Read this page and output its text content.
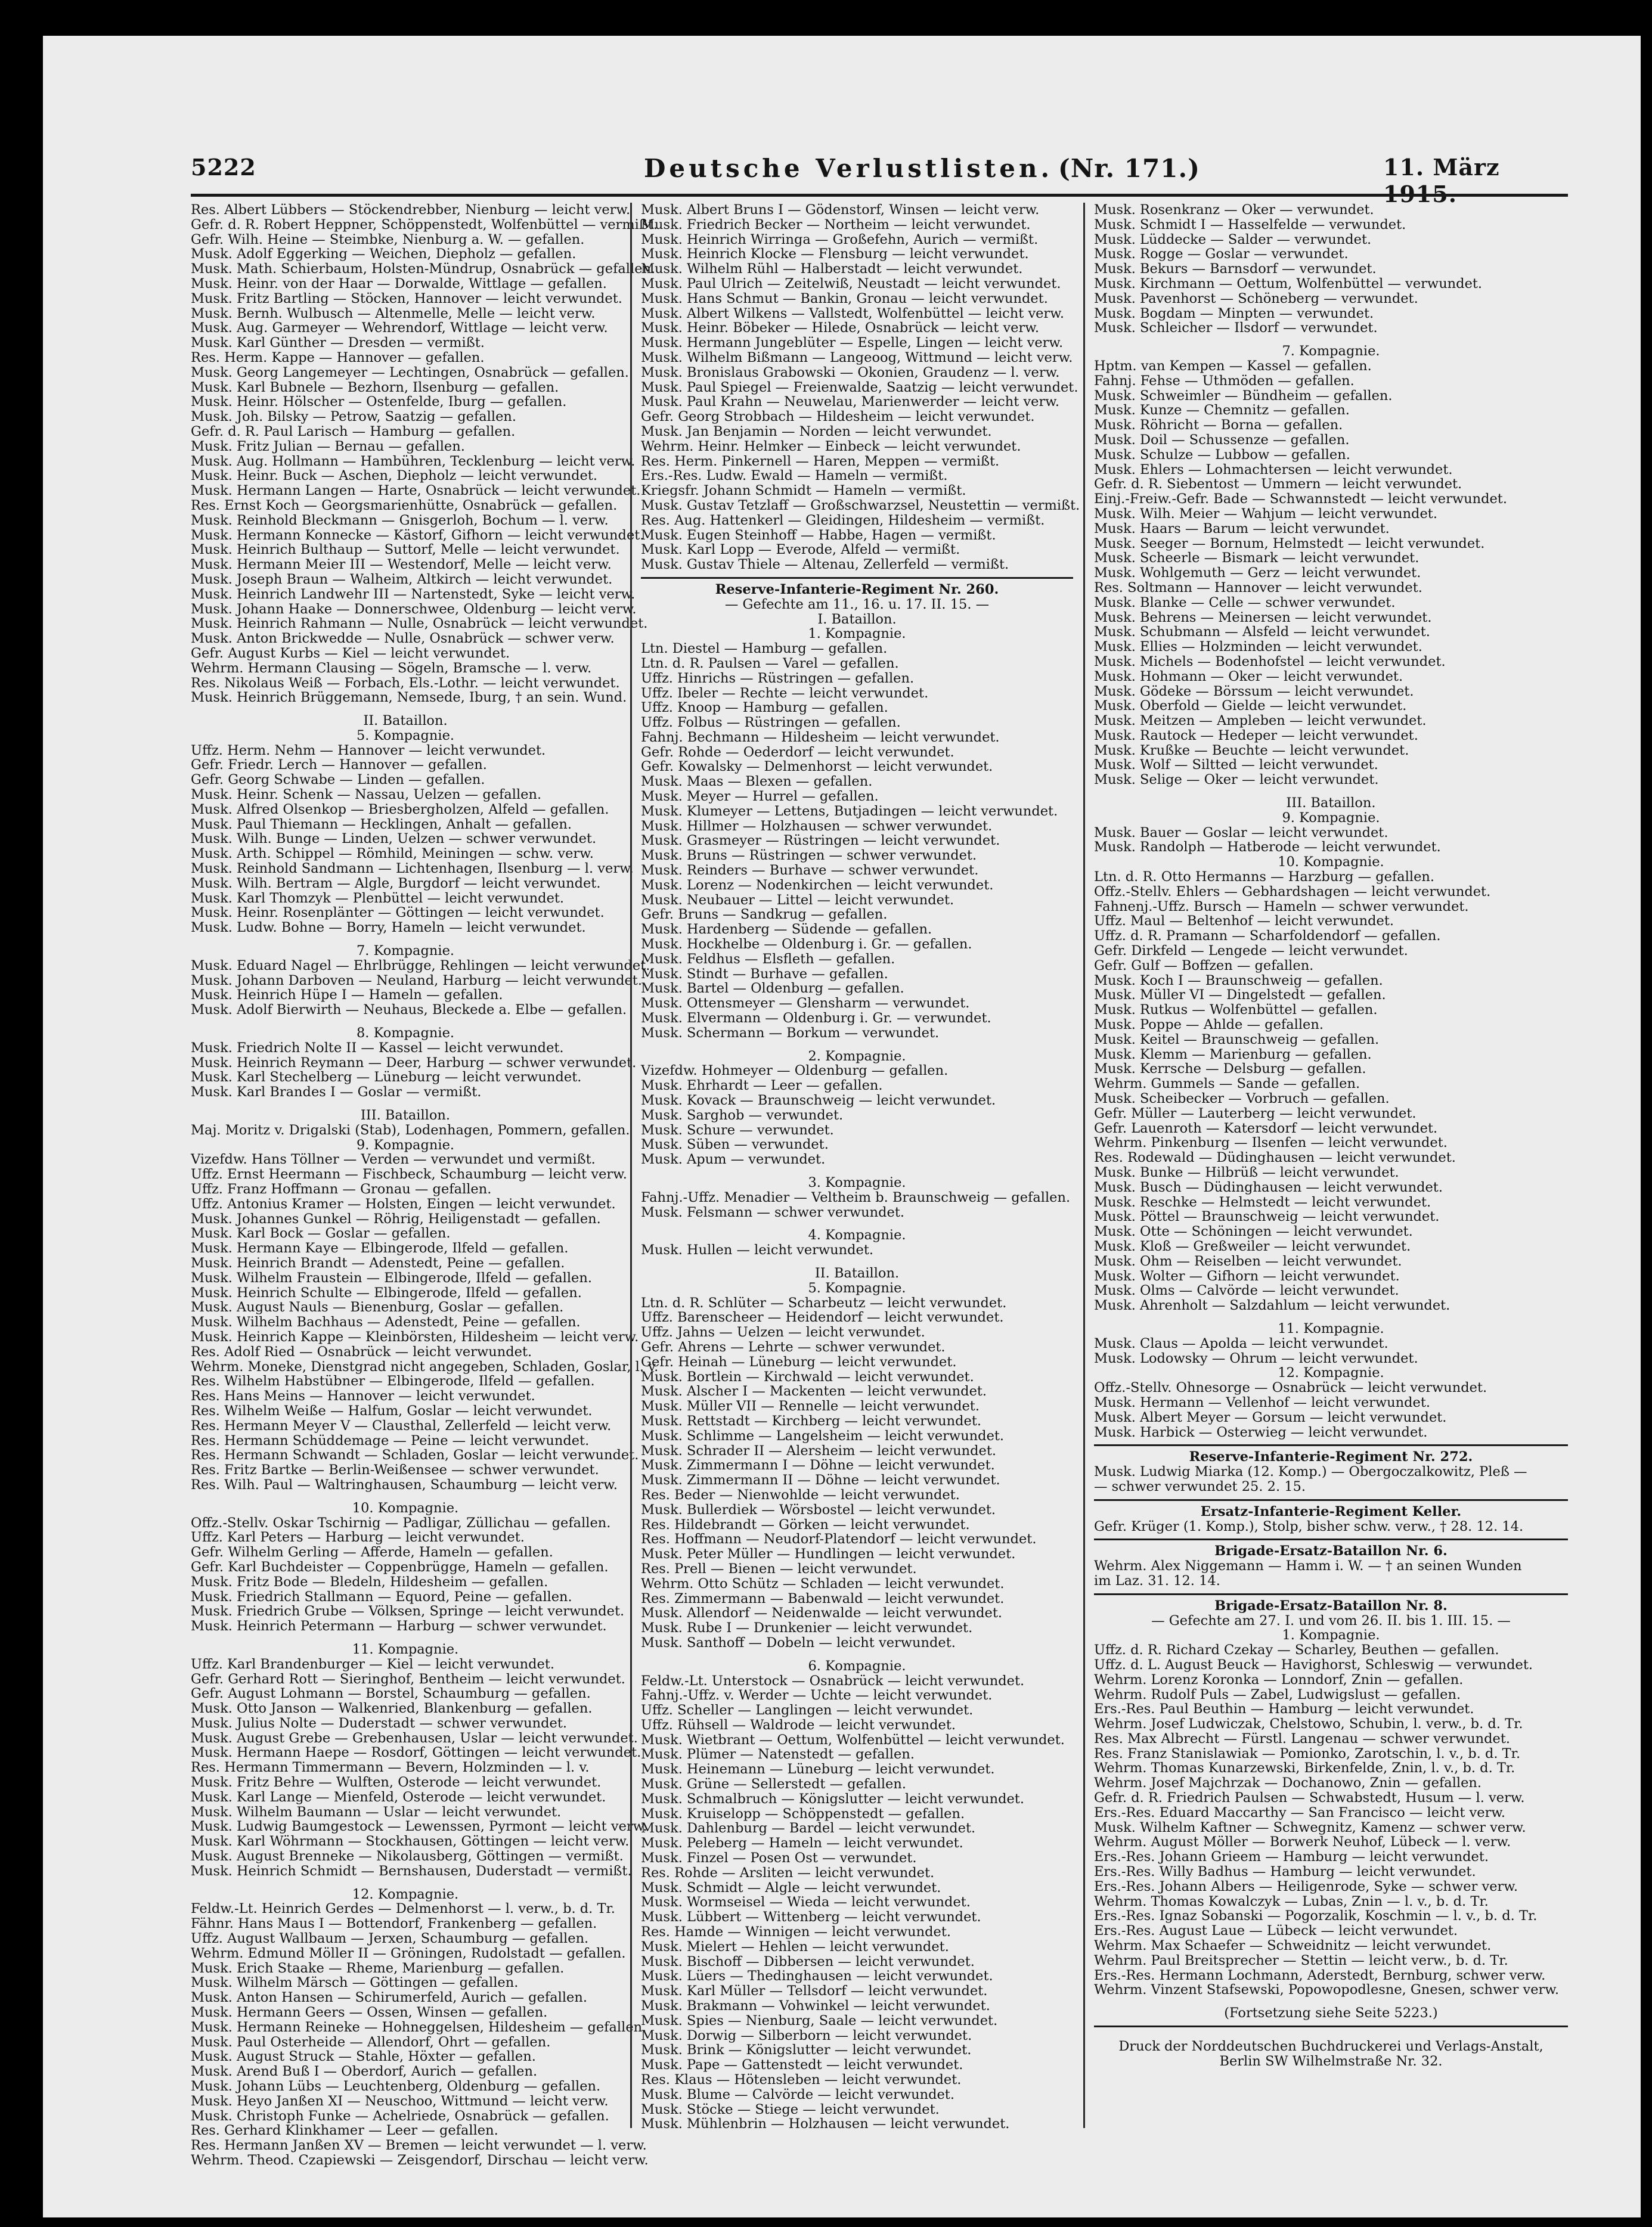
5222	Deutsche Verlustlisten. (Nr. 171.)	11. März 1915.
Res. Albert Lübbers — Stöckendrebber, Nienburg — leicht verw.
Gefr. d. R. Robert Heppner, Schöppenstedt, Wolfenbüttel — vermißt.
Gefr. Wilh. Heine — Steimbke, Nienburg a. W. — gefallen.
Musk. Adolf Eggerking — Weichen, Diepholz — gefallen.
Musk. Math. Schierbaum, Holsten-Mündrup, Osnabrück — gefallen.
Musk. Heinr. von der Haar — Dorwalde, Wittlage — gefallen.
Musk. Fritz Bartling — Stöcken, Hannover — leicht verwundet.
Musk. Bernh. Wulbusch — Altenmelle, Melle — leicht verw.
Musk. Aug. Garmeyer — Wehrendorf, Wittlage — leicht verw.
Musk. Karl Günther — Dresden — vermißt.
Res. Herm. Kappe — Hannover — gefallen.
Musk. Georg Langemeyer — Lechtingen, Osnabrück — gefallen.
Musk. Karl Bubnele — Bezhorn, Ilsenburg — gefallen.
Musk. Heinr. Hölscher — Ostenfelde, Iburg — gefallen.
Musk. Joh. Bilsky — Petrow, Saatzig — gefallen.
Gefr. d. R. Paul Larisch — Hamburg — gefallen.
Musk. Fritz Julian — Bernau — gefallen.
Musk. Aug. Hollmann — Hambühren, Tecklenburg — leicht verw.
Musk. Heinr. Buck — Aschen, Diepholz — leicht verwundet.
Musk. Hermann Langen — Harte, Osnabrück — leicht verwundet.
Res. Ernst Koch — Georgsmarienhütte, Osnabrück — gefallen.
Musk. Reinhold Bleckmann — Gnisgerloh, Bochum — l. verw.
Musk. Hermann Konnecke — Kästorf, Gifhorn — leicht verwundet.
Musk. Heinrich Bulthaup — Suttorf, Melle — leicht verwundet.
Musk. Hermann Meier III — Westendorf, Melle — leicht verw.
Musk. Joseph Braun — Walheim, Altkirch — leicht verwundet.
Musk. Heinrich Landwehr III — Nartenstedt, Syke — leicht verw.
Musk. Johann Haake — Donnerschwee, Oldenburg — leicht verw.
Musk. Heinrich Rahmann — Nulle, Osnabrück — leicht verwundet.
Musk. Anton Brickwedde — Nulle, Osnabrück — schwer verw.
Gefr. August Kurbs — Kiel — leicht verwundet.
Wehrm. Hermann Clausing — Sögeln, Bramsche — l. verw.
Res. Nikolaus Weiß — Forbach, Els.-Lothr. — leicht verwundet.
Musk. Heinrich Brüggemann, Nemsede, Iburg, † an sein. Wund.
II. Bataillon.
5. Kompagnie.
Uffz. Herm. Nehm — Hannover — leicht verwundet.
Gefr. Friedr. Lerch — Hannover — gefallen.
Gefr. Georg Schwabe — Linden — gefallen.
Musk. Heinr. Schenk — Nassau, Uelzen — gefallen.
Musk. Alfred Olsenkop — Briesbergholzen, Alfeld — gefallen.
Musk. Paul Thiemann — Hecklingen, Anhalt — gefallen.
Musk. Wilh. Bunge — Linden, Uelzen — schwer verwundet.
Musk. Arth. Schippel — Römhild, Meiningen — schw. verw.
Musk. Reinhold Sandmann — Lichtenhagen, Ilsenburg — l. verw.
Musk. Wilh. Bertram — Algle, Burgdorf — leicht verwundet.
Musk. Karl Thomzyk — Plenbüttel — leicht verwundet.
Musk. Heinr. Rosenplänter — Göttingen — leicht verwundet.
Musk. Ludw. Bohne — Borry, Hameln — leicht verwundet.
7. Kompagnie.
Musk. Eduard Nagel — Ehrlbrügge, Rehlingen — leicht verwundet.
Musk. Johann Darboven — Neuland, Harburg — leicht verwundet.
Musk. Heinrich Hüpe I — Hameln — gefallen.
Musk. Adolf Bierwirth — Neuhaus, Bleckede a. Elbe — gefallen.
8. Kompagnie.
Musk. Friedrich Nolte II — Kassel — leicht verwundet.
Musk. Heinrich Reymann — Deer, Harburg — schwer verwundet.
Musk. Karl Stechelberg — Lüneburg — leicht verwundet.
Musk. Karl Brandes I — Goslar — vermißt.
III. Bataillon.
Maj. Moritz v. Drigalski (Stab), Lodenhagen, Pommern, gefallen.
9. Kompagnie.
Vizefdw. Hans Töllner — Verden — verwundet und vermißt.
Uffz. Ernst Heermann — Fischbeck, Schaumburg — leicht verw.
Uffz. Franz Hoffmann — Gronau — gefallen.
Uffz. Antonius Kramer — Holsten, Eingen — leicht verwundet.
Musk. Johannes Gunkel — Röhrig, Heiligenstadt — gefallen.
Musk. Karl Bock — Goslar — gefallen.
Musk. Hermann Kaye — Elbingerode, Ilfeld — gefallen.
Musk. Heinrich Brandt — Adenstedt, Peine — gefallen.
Musk. Wilhelm Fraustein — Elbingerode, Ilfeld — gefallen.
Musk. Heinrich Schulte — Elbingerode, Ilfeld — gefallen.
Musk. August Nauls — Bienenburg, Goslar — gefallen.
Musk. Wilhelm Bachhaus — Adenstedt, Peine — gefallen.
Musk. Heinrich Kappe — Kleinbörsten, Hildesheim — leicht verw.
Res. Adolf Ried — Osnabrück — leicht verwundet.
Wehrm. Moneke, Dienstgrad nicht angegeben, Schladen, Goslar, l. v.
Res. Wilhelm Habstübner — Elbingerode, Ilfeld — gefallen.
Res. Hans Meins — Hannover — leicht verwundet.
Res. Wilhelm Weiße — Halfum, Goslar — leicht verwundet.
Res. Hermann Meyer V — Clausthal, Zellerfeld — leicht verw.
Res. Hermann Schüddemage — Peine — leicht verwundet.
Res. Hermann Schwandt — Schladen, Goslar — leicht verwundet.
Res. Fritz Bartke — Berlin-Weißensee — schwer verwundet.
Res. Wilh. Paul — Waltringhausen, Schaumburg — leicht verw.
10. Kompagnie.
Offz.-Stellv. Oskar Tschirnig — Padligar, Züllichau — gefallen.
Uffz. Karl Peters — Harburg — leicht verwundet.
Gefr. Wilhelm Gerling — Afferde, Hameln — gefallen.
Gefr. Karl Buchdeister — Coppenbrügge, Hameln — gefallen.
Musk. Fritz Bode — Bledeln, Hildesheim — gefallen.
Musk. Friedrich Stallmann — Equord, Peine — gefallen.
Musk. Friedrich Grube — Völksen, Springe — leicht verwundet.
Musk. Heinrich Petermann — Harburg — schwer verwundet.
11. Kompagnie.
Uffz. Karl Brandenburger — Kiel — leicht verwundet.
Gefr. Gerhard Rott — Sieringhof, Bentheim — leicht verwundet.
Gefr. August Lohmann — Borstel, Schaumburg — gefallen.
Musk. Otto Janson — Walkenried, Blankenburg — gefallen.
Musk. Julius Nolte — Duderstadt — schwer verwundet.
Musk. August Grebe — Grebenhausen, Uslar — leicht verwundet.
Musk. Hermann Haepe — Rosdorf, Göttingen — leicht verwundet.
Res. Hermann Timmermann — Bevern, Holzminden — l. v.
Musk. Fritz Behre — Wulften, Osterode — leicht verwundet.
Musk. Karl Lange — Mienfeld, Osterode — leicht verwundet.
Musk. Wilhelm Baumann — Uslar — leicht verwundet.
Musk. Ludwig Baumgestock — Lewenssen, Pyrmont — leicht verw.
Musk. Karl Wöhrmann — Stockhausen, Göttingen — leicht verw.
Musk. August Brenneke — Nikolausberg, Göttingen — vermißt.
Musk. Heinrich Schmidt — Bernshausen, Duderstadt — vermißt.
12. Kompagnie.
Feldw.-Lt. Heinrich Gerdes — Delmenhorst — l. verw., b. d. Tr.
Fähnr. Hans Maus I — Bottendorf, Frankenberg — gefallen.
Uffz. August Wallbaum — Jerxen, Schaumburg — gefallen.
Wehrm. Edmund Möller II — Gröningen, Rudolstadt — gefallen.
Musk. Erich Staake — Rheme, Marienburg — gefallen.
Musk. Wilhelm Märsch — Göttingen — gefallen.
Musk. Anton Hansen — Schirumerfeld, Aurich — gefallen.
Musk. Hermann Geers — Ossen, Winsen — gefallen.
Musk. Hermann Reineke — Hohneggelsen, Hildesheim — gefallen.
Musk. Paul Osterheide — Allendorf, Ohrt — gefallen.
Musk. August Struck — Stahle, Höxter — gefallen.
Musk. Arend Buß I — Oberdorf, Aurich — gefallen.
Musk. Johann Lübs — Leuchtenberg, Oldenburg — gefallen.
Musk. Heyo Janßen XI — Neuschoo, Wittmund — leicht verw.
Musk. Christoph Funke — Achelriede, Osnabrück — gefallen.
Res. Gerhard Klinkhamer — Leer — gefallen.
Res. Hermann Janßen XV — Bremen — leicht verwundet — l. verw.
Wehrm. Theod. Czapiewski — Zeisgendorf, Dirschau — leicht verw.
Musk. Albert Bruns I — Gödenstorf, Winsen — leicht verw.
Musk. Friedrich Becker — Northeim — leicht verwundet.
Musk. Heinrich Wirringa — Großefehn, Aurich — vermißt.
Musk. Heinrich Klocke — Flensburg — leicht verwundet.
Musk. Wilhelm Rühl — Halberstadt — leicht verwundet.
Musk. Paul Ulrich — Zeitelwiß, Neustadt — leicht verwundet.
Musk. Hans Schmut — Bankin, Gronau — leicht verwundet.
Musk. Albert Wilkens — Vallstedt, Wolfenbüttel — leicht verw.
Musk. Heinr. Böbeker — Hilede, Osnabrück — leicht verw.
Musk. Hermann Jungeblüter — Espelle, Lingen — leicht verw.
Musk. Wilhelm Bißmann — Langeoog, Wittmund — leicht verw.
Musk. Bronislaus Grabowski — Okonien, Graudenz — l. verw.
Musk. Paul Spiegel — Freienwalde, Saatzig — leicht verwundet.
Musk. Paul Krahn — Neuwelau, Marienwerder — leicht verw.
Gefr. Georg Strobbach — Hildesheim — leicht verwundet.
Musk. Jan Benjamin — Norden — leicht verwundet.
Wehrm. Heinr. Helmker — Einbeck — leicht verwundet.
Res. Herm. Pinkernell — Haren, Meppen — vermißt.
Ers.-Res. Ludw. Ewald — Hameln — vermißt.
Kriegsfr. Johann Schmidt — Hameln — vermißt.
Musk. Gustav Tetzlaff — Großschwarzsel, Neustettin — vermißt.
Res. Aug. Hattenkerl — Gleidingen, Hildesheim — vermißt.
Musk. Eugen Steinhoff — Habbe, Hagen — vermißt.
Musk. Karl Lopp — Everode, Alfeld — vermißt.
Musk. Gustav Thiele — Altenau, Zellerfeld — vermißt.
Reserve-Infanterie-Regiment Nr. 260.
— Gefechte am 11., 16. u. 17. II. 15. —
I. Bataillon.
1. Kompagnie.
Ltn. Diestel — Hamburg — gefallen.
Ltn. d. R. Paulsen — Varel — gefallen.
Uffz. Hinrichs — Rüstringen — gefallen.
Uffz. Ibeler — Rechte — leicht verwundet.
Uffz. Knoop — Hamburg — gefallen.
Uffz. Folbus — Rüstringen — gefallen.
Fahnj. Bechmann — Hildesheim — leicht verwundet.
Gefr. Rohde — Oederdorf — leicht verwundet.
Gefr. Kowalsky — Delmenhorst — leicht verwundet.
Musk. Maas — Blexen — gefallen.
Musk. Meyer — Hurrel — gefallen.
Musk. Klumeyer — Lettens, Butjadingen — leicht verwundet.
Musk. Hillmer — Holzhausen — schwer verwundet.
Musk. Grasmeyer — Rüstringen — leicht verwundet.
Musk. Bruns — Rüstringen — schwer verwundet.
Musk. Reinders — Burhave — schwer verwundet.
Musk. Lorenz — Nodenkirchen — leicht verwundet.
Musk. Neubauer — Littel — leicht verwundet.
Gefr. Bruns — Sandkrug — gefallen.
Musk. Hardenberg — Südende — gefallen.
Musk. Hockhelbe — Oldenburg i. Gr. — gefallen.
Musk. Feldhus — Elsfleth — gefallen.
Musk. Stindt — Burhave — gefallen.
Musk. Bartel — Oldenburg — gefallen.
Musk. Ottensmeyer — Glensharm — verwundet.
Musk. Elvermann — Oldenburg i. Gr. — verwundet.
Musk. Schermann — Borkum — verwundet.
2. Kompagnie.
Vizefdw. Hohmeyer — Oldenburg — gefallen.
Musk. Ehrhardt — Leer — gefallen.
Musk. Kovack — Braunschweig — leicht verwundet.
Musk. Sarghob — verwundet.
Musk. Schure — verwundet.
Musk. Süben — verwundet.
Musk. Apum — verwundet.
3. Kompagnie.
Fahnj.-Uffz. Menadier — Veltheim b. Braunschweig — gefallen.
Musk. Felsmann — schwer verwundet.
4. Kompagnie.
Musk. Hullen — leicht verwundet.
II. Bataillon.
5. Kompagnie.
Ltn. d. R. Schlüter — Scharbeutz — leicht verwundet.
Uffz. Barenscheer — Heidendorf — leicht verwundet.
Uffz. Jahns — Uelzen — leicht verwundet.
Gefr. Ahrens — Lehrte — schwer verwundet.
Gefr. Heinah — Lüneburg — leicht verwundet.
Musk. Bortlein — Kirchwald — leicht verwundet.
Musk. Alscher I — Mackenten — leicht verwundet.
Musk. Müller VII — Rennelle — leicht verwundet.
Musk. Rettstadt — Kirchberg — leicht verwundet.
Musk. Schlimme — Langelsheim — leicht verwundet.
Musk. Schrader II — Alersheim — leicht verwundet.
Musk. Zimmermann I — Döhne — leicht verwundet.
Musk. Zimmermann II — Döhne — leicht verwundet.
Res. Beder — Nienwohlde — leicht verwundet.
Musk. Bullerdiek — Wörsbostel — leicht verwundet.
Res. Hildebrandt — Görken — leicht verwundet.
Res. Hoffmann — Neudorf-Platendorf — leicht verwundet.
Musk. Peter Müller — Hundlingen — leicht verwundet.
Res. Prell — Bienen — leicht verwundet.
Wehrm. Otto Schütz — Schladen — leicht verwundet.
Res. Zimmermann — Babenwald — leicht verwundet.
Musk. Allendorf — Neidenwalde — leicht verwundet.
Musk. Rube I — Drunkenier — leicht verwundet.
Musk. Santhoff — Dobeln — leicht verwundet.
6. Kompagnie.
Feldw.-Lt. Unterstock — Osnabrück — leicht verwundet.
Fahnj.-Uffz. v. Werder — Uchte — leicht verwundet.
Uffz. Scheller — Langlingen — leicht verwundet.
Uffz. Rühsell — Waldrode — leicht verwundet.
Musk. Wietbrant — Oettum, Wolfenbüttel — leicht verwundet.
Musk. Plümer — Natenstedt — gefallen.
Musk. Heinemann — Lüneburg — leicht verwundet.
Musk. Grüne — Sellerstedt — gefallen.
Musk. Schmalbruch — Königslutter — leicht verwundet.
Musk. Kruiselopp — Schöppenstedt — gefallen.
Musk. Dahlenburg — Bardel — leicht verwundet.
Musk. Peleberg — Hameln — leicht verwundet.
Musk. Finzel — Posen Ost — verwundet.
Res. Rohde — Arsliten — leicht verwundet.
Musk. Schmidt — Algle — leicht verwundet.
Musk. Wormseisel — Wieda — leicht verwundet.
Musk. Lübbert — Wittenberg — leicht verwundet.
Res. Hamde — Winnigen — leicht verwundet.
Musk. Mielert — Hehlen — leicht verwundet.
Musk. Bischoff — Dibbersen — leicht verwundet.
Musk. Lüers — Thedinghausen — leicht verwundet.
Musk. Karl Müller — Tellsdorf — leicht verwundet.
Musk. Brakmann — Vohwinkel — leicht verwundet.
Musk. Spies — Nienburg, Saale — leicht verwundet.
Musk. Dorwig — Silberborn — leicht verwundet.
Musk. Brink — Königslutter — leicht verwundet.
Musk. Pape — Gattenstedt — leicht verwundet.
Res. Klaus — Hötensleben — leicht verwundet.
Musk. Blume — Calvörde — leicht verwundet.
Musk. Stöcke — Stiege — leicht verwundet.
Musk. Mühlenbrin — Holzhausen — leicht verwundet.
Musk. Rosenkranz — Oker — verwundet.
Musk. Schmidt I — Hasselfelde — verwundet.
Musk. Lüddecke — Salder — verwundet.
Musk. Rogge — Goslar — verwundet.
Musk. Bekurs — Barnsdorf — verwundet.
Musk. Kirchmann — Oettum, Wolfenbüttel — verwundet.
Musk. Pavenhorst — Schöneberg — verwundet.
Musk. Bogdam — Minpten — verwundet.
Musk. Schleicher — Ilsdorf — verwundet.
7. Kompagnie.
Hptm. van Kempen — Kassel — gefallen.
Fahnj. Fehse — Uthmöden — gefallen.
Musk. Schweimler — Bündheim — gefallen.
Musk. Kunze — Chemnitz — gefallen.
Musk. Röhricht — Borna — gefallen.
Musk. Doil — Schussenze — gefallen.
Musk. Schulze — Lubbow — gefallen.
Musk. Ehlers — Lohmachtersen — leicht verwundet.
Gefr. d. R. Siebentost — Ummern — leicht verwundet.
Einj.-Freiw.-Gefr. Bade — Schwannstedt — leicht verwundet.
Musk. Wilh. Meier — Wahjum — leicht verwundet.
Musk. Haars — Barum — leicht verwundet.
Musk. Seeger — Bornum, Helmstedt — leicht verwundet.
Musk. Scheerle — Bismark — leicht verwundet.
Musk. Wohlgemuth — Gerz — leicht verwundet.
Res. Soltmann — Hannover — leicht verwundet.
Musk. Blanke — Celle — schwer verwundet.
Musk. Behrens — Meinersen — leicht verwundet.
Musk. Schubmann — Alsfeld — leicht verwundet.
Musk. Ellies — Holzminden — leicht verwundet.
Musk. Michels — Bodenhofstel — leicht verwundet.
Musk. Hohmann — Oker — leicht verwundet.
Musk. Gödeke — Börssum — leicht verwundet.
Musk. Oberfold — Gielde — leicht verwundet.
Musk. Meitzen — Ampleben — leicht verwundet.
Musk. Rautock — Hedeper — leicht verwundet.
Musk. Krußke — Beuchte — leicht verwundet.
Musk. Wolf — Siltted — leicht verwundet.
Musk. Selige — Oker — leicht verwundet.
III. Bataillon.
9. Kompagnie.
Musk. Bauer — Goslar — leicht verwundet.
Musk. Randolph — Hatberode — leicht verwundet.
10. Kompagnie.
Ltn. d. R. Otto Hermanns — Harzburg — gefallen.
Offz.-Stellv. Ehlers — Gebhardshagen — leicht verwundet.
Fahnenj.-Uffz. Bursch — Hameln — schwer verwundet.
Uffz. Maul — Beltenhof — leicht verwundet.
Uffz. d. R. Pramann — Scharfoldendorf — gefallen.
Gefr. Dirkfeld — Lengede — leicht verwundet.
Gefr. Gulf — Boffzen — gefallen.
Musk. Koch I — Braunschweig — gefallen.
Musk. Müller VI — Dingelstedt — gefallen.
Musk. Rutkus — Wolfenbüttel — gefallen.
Musk. Poppe — Ahlde — gefallen.
Musk. Keitel — Braunschweig — gefallen.
Musk. Klemm — Marienburg — gefallen.
Musk. Kerrsche — Delsburg — gefallen.
Wehrm. Gummels — Sande — gefallen.
Musk. Scheibecker — Vorbruch — gefallen.
Gefr. Müller — Lauterberg — leicht verwundet.
Gefr. Lauenroth — Katersdorf — leicht verwundet.
Wehrm. Pinkenburg — Ilsenfen — leicht verwundet.
Res. Rodewald — Düdinghausen — leicht verwundet.
Musk. Bunke — Hilbrüß — leicht verwundet.
Musk. Busch — Düdinghausen — leicht verwundet.
Musk. Reschke — Helmstedt — leicht verwundet.
Musk. Pöttel — Braunschweig — leicht verwundet.
Musk. Otte — Schöningen — leicht verwundet.
Musk. Kloß — Greßweiler — leicht verwundet.
Musk. Ohm — Reiselben — leicht verwundet.
Musk. Wolter — Gifhorn — leicht verwundet.
Musk. Olms — Calvörde — leicht verwundet.
Musk. Ahrenholt — Salzdahlum — leicht verwundet.
11. Kompagnie.
Musk. Claus — Apolda — leicht verwundet.
Musk. Lodowsky — Ohrum — leicht verwundet.
12. Kompagnie.
Offz.-Stellv. Ohnesorge — Osnabrück — leicht verwundet.
Musk. Hermann — Vellenhof — leicht verwundet.
Musk. Albert Meyer — Gorsum — leicht verwundet.
Musk. Harbick — Osterwieg — leicht verwundet.
Reserve-Infanterie-Regiment Nr. 272.
Musk. Ludwig Miarka (12. Komp.) — Obergoczalkowitz, Pleß —
— schwer verwundet 25. 2. 15.
Ersatz-Infanterie-Regiment Keller.
Gefr. Krüger (1. Komp.), Stolp, bisher schw. verw., † 28. 12. 14.
Brigade-Ersatz-Bataillon Nr. 6.
Wehrm. Alex Niggemann — Hamm i. W. — † an seinen Wunden
im Laz. 31. 12. 14.
Brigade-Ersatz-Bataillon Nr. 8.
— Gefechte am 27. I. und vom 26. II. bis 1. III. 15. —
1. Kompagnie.
Uffz. d. R. Richard Czekay — Scharley, Beuthen — gefallen.
Uffz. d. L. August Beuck — Havighorst, Schleswig — verwundet.
Wehrm. Lorenz Koronka — Lonndorf, Znin — gefallen.
Wehrm. Rudolf Puls — Zabel, Ludwigslust — gefallen.
Ers.-Res. Paul Beuthin — Hamburg — leicht verwundet.
Wehrm. Josef Ludwiczak, Chelstowo, Schubin, l. verw., b. d. Tr.
Res. Max Albrecht — Fürstl. Langenau — schwer verwundet.
Res. Franz Stanislawiak — Pomionko, Zarotschin, l. v., b. d. Tr.
Wehrm. Thomas Kunarzewski, Birkenfelde, Znin, l. v., b. d. Tr.
Wehrm. Josef Majchrzak — Dochanowo, Znin — gefallen.
Gefr. d. R. Friedrich Paulsen — Schwabstedt, Husum — l. verw.
Ers.-Res. Eduard Maccarthy — San Francisco — leicht verw.
Musk. Wilhelm Kaftner — Schwegnitz, Kamenz — schwer verw.
Wehrm. August Möller — Borwerk Neuhof, Lübeck — l. verw.
Ers.-Res. Johann Grieem — Hamburg — leicht verwundet.
Ers.-Res. Willy Badhus — Hamburg — leicht verwundet.
Ers.-Res. Johann Albers — Heiligenrode, Syke — schwer verw.
Wehrm. Thomas Kowalczyk — Lubas, Znin — l. v., b. d. Tr.
Ers.-Res. Ignaz Sobanski — Pogorzalik, Koschmin — l. v., b. d. Tr.
Ers.-Res. August Laue — Lübeck — leicht verwundet.
Wehrm. Max Schaefer — Schweidnitz — leicht verwundet.
Wehrm. Paul Breitsprecher — Stettin — leicht verw., b. d. Tr.
Ers.-Res. Hermann Lochmann, Aderstedt, Bernburg, schwer verw.
Wehrm. Vinzent Stafsewski, Popowopodlesne, Gnesen, schwer verw.
(Fortsetzung siehe Seite 5223.)
Druck der Norddeutschen Buchdruckerei und Verlags-Anstalt,
Berlin SW Wilhelmstraße Nr. 32.
